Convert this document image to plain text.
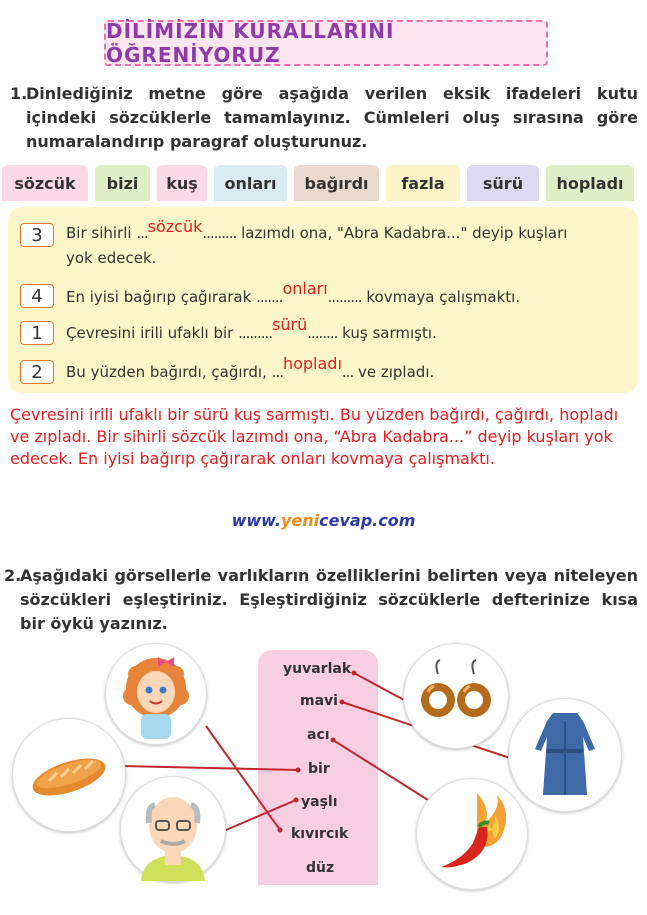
DİLİMİZİN KURALLARINI ÖĞRENİYORUZ
1.
Dinlediğiniz metne göre aşağıda verilen eksik ifadeleri kutu içindeki sözcüklerle tamamlayınız. Cümleleri oluş sırasına göre numaralandırıp paragraf oluşturunuz.
sözcük	bizi	kuş	onları	bağırdı	fazla	sürü	hopladı
3	Bir sihirli ...sözcük......... lazımdı ona, "Abra Kadabra..." deyip kuşları
yok edecek.
4	En iyisi bağırıp çağırarak .......onları......... kovmaya çalışmaktı.
1	Çevresini irili ufaklı bir .........sürü........ kuş sarmıştı.
2	Bu yüzden bağırdı, çağırdı, ...hopladı... ve zıpladı.
Çevresini irili ufaklı bir sürü kuş sarmıştı. Bu yüzden bağırdı, çağırdı, hopladı ve zıpladı. Bir sihirli sözcük lazımdı ona, “Abra Kadabra...” deyip kuşları yok edecek. En iyisi bağırıp çağırarak onları kovmaya çalışmaktı.
www.yenicevap.com
2.
Aşağıdaki görsellerle varlıkların özelliklerini belirten veya niteleyen sözcükleri eşleştiriniz. Eşleştirdiğiniz sözcüklerle defterinize kısa bir öykü yazınız.
yuvarlak
mavi
acı
bir
yaşlı
kıvırcık
düz
